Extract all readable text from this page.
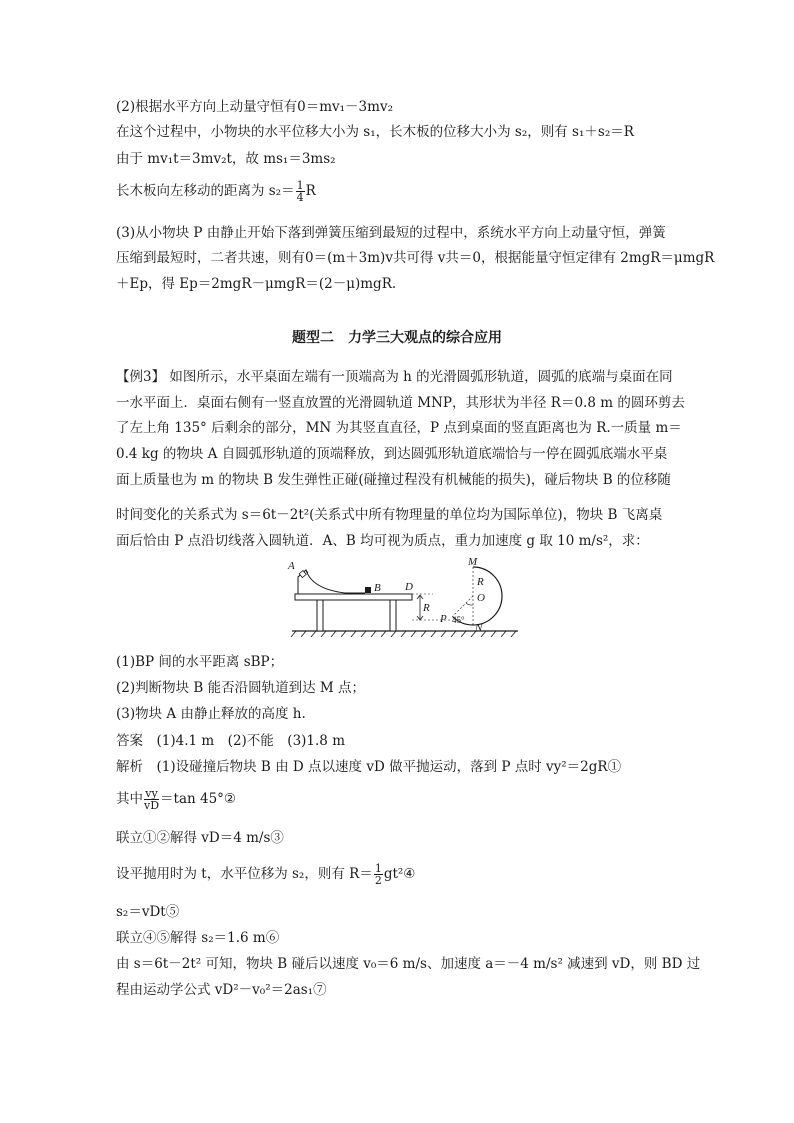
(2)根据水平方向上动量守恒有0＝mv₁－3mv₂
在这个过程中，小物块的水平位移大小为 s₁，长木板的位移大小为 s₂，则有 s₁＋s₂＝R
由于 mv₁t＝3mv₂t，故 ms₁＝3ms₂
长木板向左移动的距离为 $s_2= \frac{1}{4}$ R
(3)从小物块 P 由静止开始下落到弹簧压缩到最短的过程中，系统水平方向上动量守恒，弹簧
压缩到最短时，二者共速，则有0＝(m＋3m)v共可得 v共＝0，根据能量守恒定律有 2mgR＝μmgR
＋Ep，得 Ep＝2mgR－μmgR＝(2－μ)mgR.
题型二　力学三大观点的综合应用
【例3】 如图所示，水平桌面左端有一顶端高为 h 的光滑圆弧形轨道，圆弧的底端与桌面在同
一水平面上．桌面右侧有一竖直放置的光滑圆轨道 MNP，其形状为半径 R＝0.8 m 的圆环剪去
了左上角 135° 后剩余的部分，MN 为其竖直直径，P 点到桌面的竖直距离也为 R.一质量 m＝
0.4 kg 的物块 A 自圆弧形轨道的顶端释放，到达圆弧形轨道底端恰与一停在圆弧底端水平桌
面上质量也为 m 的物块 B 发生弹性正碰(碰撞过程没有机械能的损失)，碰后物块 B 的位移随
时间变化的关系式为 s＝6t－2t²(关系式中所有物理量的单位均为国际单位)，物块 B 飞离桌
面后恰由 P 点沿切线落入圆轨道．A、B 均可视为质点，重力加速度 g 取 10 m/s²，求：
A
B D
R
M
R
O
P 45°
N
(1)BP 间的水平距离 sBP；
(2)判断物块 B 能否沿圆轨道到达 M 点；
(3)物块 A 由静止释放的高度 h.
答案　(1)4.1 m　(2)不能　(3)1.8 m
解析　(1)设碰撞后物块 B 由 D 点以速度 vD 做平抛运动，落到 P 点时 vy²＝2gR①
其中 $\frac{vy}{vD} =\tan$ 45°②
联立①②解得 vD＝4 m/s③
设平抛用时为 t，水平位移为 s₂，则有 $R= \frac{1}{2}$ gt²④
s₂＝vDt⑤
联立④⑤解得 s₂＝1.6 m⑥
由 s＝6t－2t² 可知，物块 B 碰后以速度 v₀＝6 m/s、加速度 a＝－4 m/s² 减速到 vD，则 BD 过
程由运动学公式 vD²－v₀²＝2as₁⑦
